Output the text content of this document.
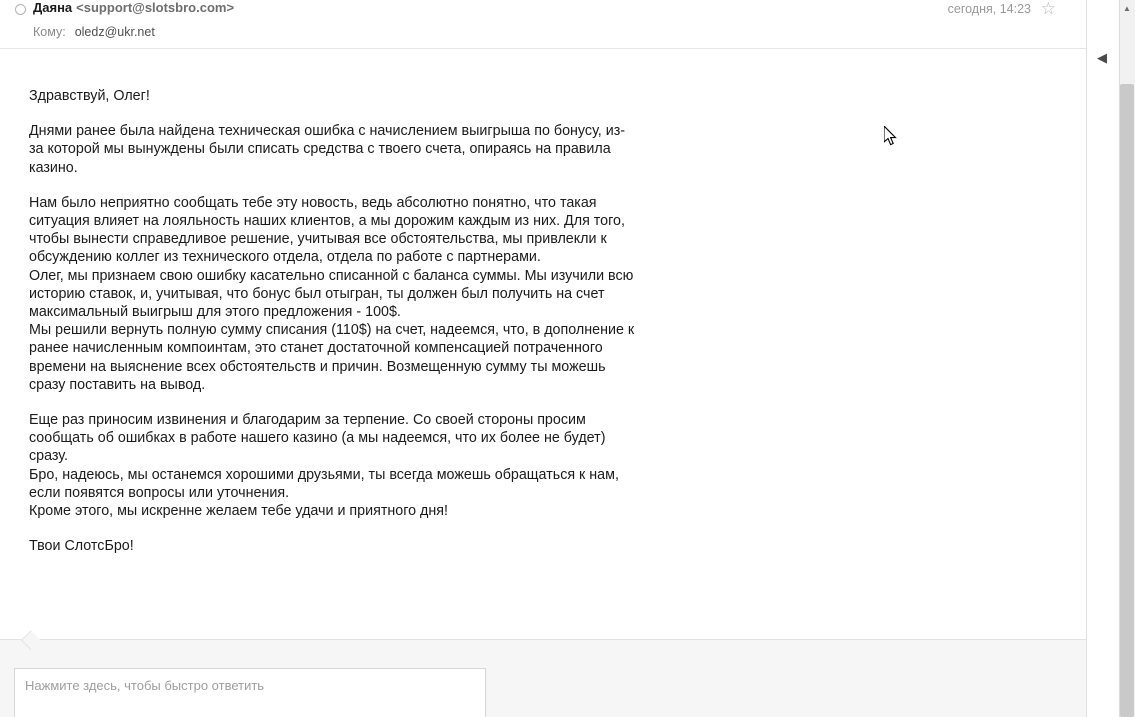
Даяна <support@slotsbro.com>
Кому: oledz@ukr.net
сегодня, 14:23 ☆

Здравствуй, Олег!

Днями ранее была найдена техническая ошибка с начислением выигрыша по бонусу, из-за которой мы вынуждены были списать средства с твоего счета, опираясь на правила казино.

Нам было неприятно сообщать тебе эту новость, ведь абсолютно понятно, что такая ситуация влияет на лояльность наших клиентов, а мы дорожим каждым из них. Для того, чтобы вынести справедливое решение, учитывая все обстоятельства, мы привлекли к обсуждению коллег из технического отдела, отдела по работе с партнерами.

Олег, мы признаем свою ошибку касательно списанной с баланса суммы. Мы изучили всю историю ставок, и, учитывая, что бонус был отыгран, ты должен был получить на счет максимальный выигрыш для этого предложения - 100$.

Мы решили вернуть полную сумму списания (110$) на счет, надеемся, что, в дополнение к ранее начисленным компоинтам, это станет достаточной компенсацией потраченного времени на выяснение всех обстоятельств и причин. Возмещенную сумму ты можешь сразу поставить на вывод.

Еще раз приносим извинения и благодарим за терпение. Со своей стороны просим сообщать об ошибках в работе нашего казино (а мы надеемся, что их более не будет) сразу.

Бро, надеюсь, мы останемся хорошими друзьями, ты всегда можешь обращаться к нам, если появятся вопросы или уточнения.

Кроме этого, мы искренне желаем тебе удачи и приятного дня!

Твои СлотсБро!

Нажмите здесь, чтобы быстро ответить
◀
▲
